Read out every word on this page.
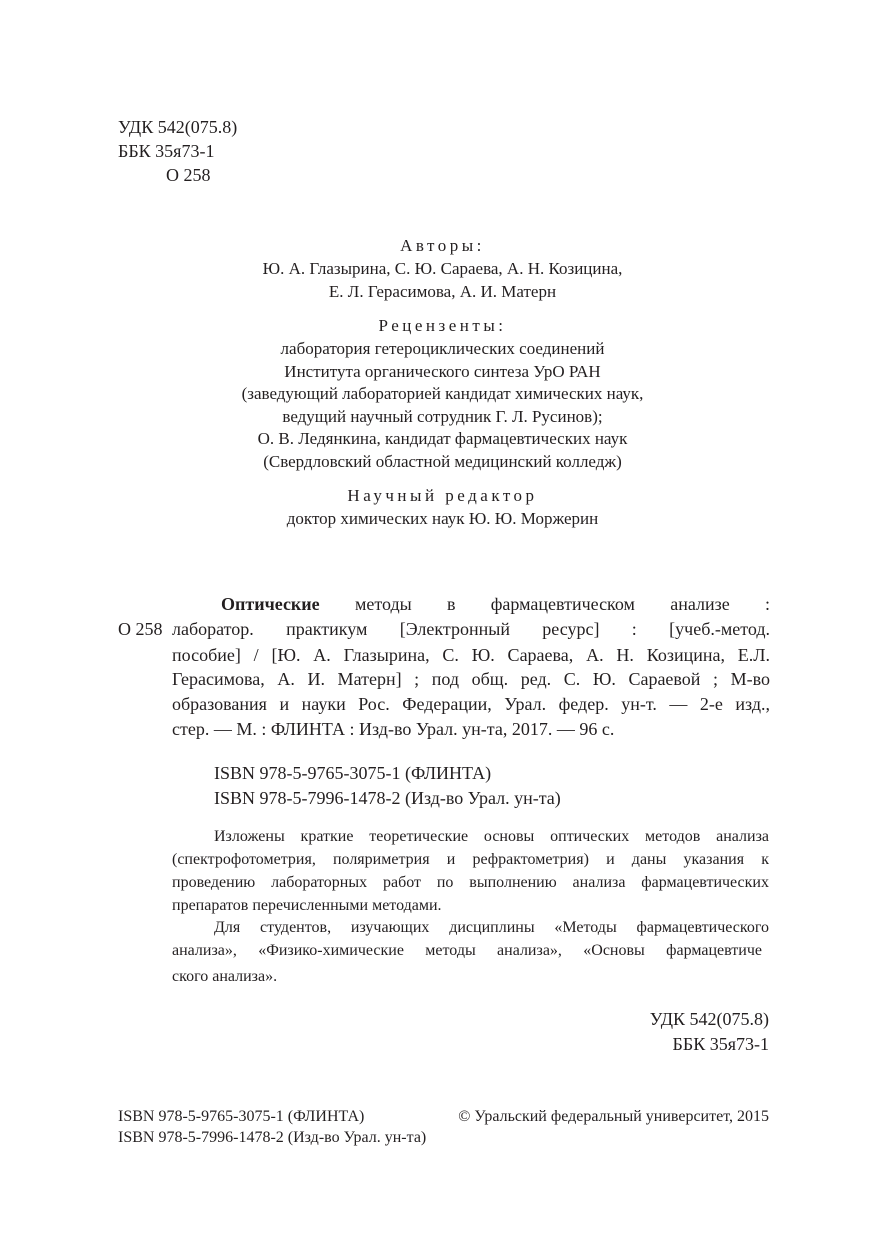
УДК 542(075.8)
ББК 35я73-1
О 258
Авторы:
Ю. А. Глазырина, С. Ю. Сараева, А. Н. Козицина,
Е. Л. Герасимова, А. И. Матерн
Рецензенты:
лаборатория гетероциклических соединений
Института органического синтеза УрО РАН
(заведующий лабораторией кандидат химических наук,
ведущий научный сотрудник Г. Л. Русинов);
О. В. Ледянкина, кандидат фармацевтических наук
(Свердловский областной медицинский колледж)
Научный редактор
доктор химических наук Ю. Ю. Моржерин
О 258
Оптические методы в фармацевтическом анализе :
лаборатор. практикум [Электронный ресурс] : [учеб.-метод.
пособие] / [Ю. А. Глазырина, С. Ю. Сараева, А. Н. Козицина, Е.Л.
Герасимова, А. И. Матерн] ; под общ. ред. С. Ю. Сараевой ; М-во
образования и науки Рос. Федерации, Урал. федер. ун-т. — 2-е изд.,
стер. — М. : ФЛИНТА : Изд-во Урал. ун-та, 2017. — 96 с.
ISBN 978-5-9765-3075-1 (ФЛИНТА)
ISBN 978-5-7996-1478-2 (Изд-во Урал. ун-та)
Изложены краткие теоретические основы оптических методов анализа
(спектрофотометрия, поляриметрия и рефрактометрия) и даны указания к
проведению лабораторных работ по выполнению анализа фармацевтических
препаратов перечисленными методами.
Для студентов, изучающих дисциплины «Методы фармацевтического
анализа», «Физико-химические методы анализа», «Основы фармацевтиче
ского анализа».
УДК 542(075.8)
ББК 35я73-1
ISBN 978-5-9765-3075-1 (ФЛИНТА)
ISBN 978-5-7996-1478-2 (Изд-во Урал. ун-та)
© Уральский федеральный университет, 2015
